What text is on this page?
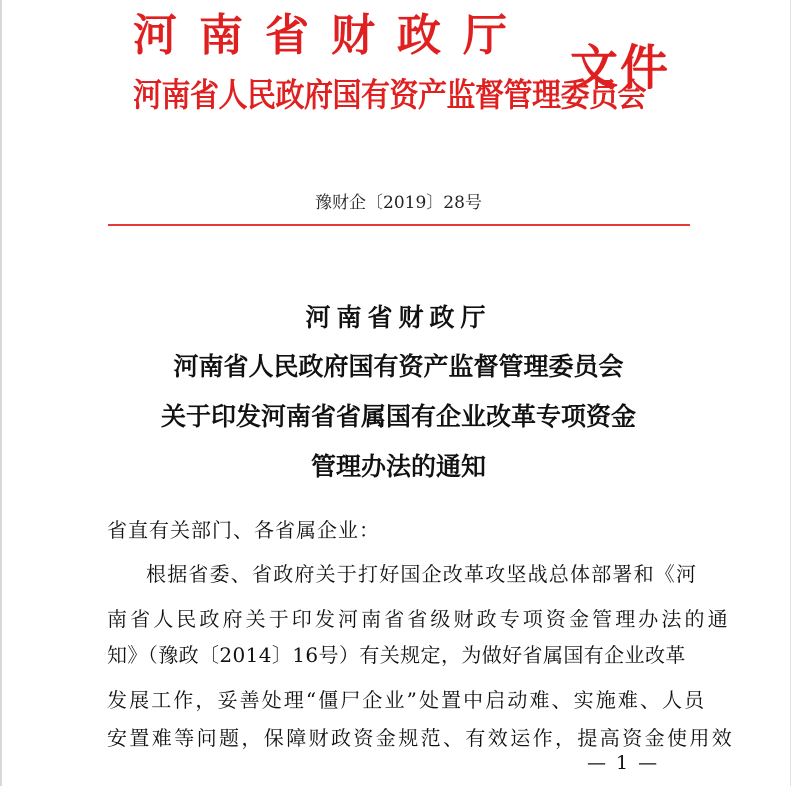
河南省财政厅
河南省人民政府国有资产监督管理委员会
文件
豫财企〔2019〕28号
河南省财政厅
河南省人民政府国有资产监督管理委员会
关于印发河南省省属国有企业改革专项资金
管理办法的通知
省直有关部门、各省属企业：
根据省委、省政府关于打好国企改革攻坚战总体部署和《河
南省人民政府关于印发河南省省级财政专项资金管理办法的通
知》（豫政〔2014〕16号）有关规定，为做好省属国有企业改革
发展工作，妥善处理“僵尸企业”处置中启动难、实施难、人员
安置难等问题，保障财政资金规范、有效运作，提高资金使用效
— 1 —
